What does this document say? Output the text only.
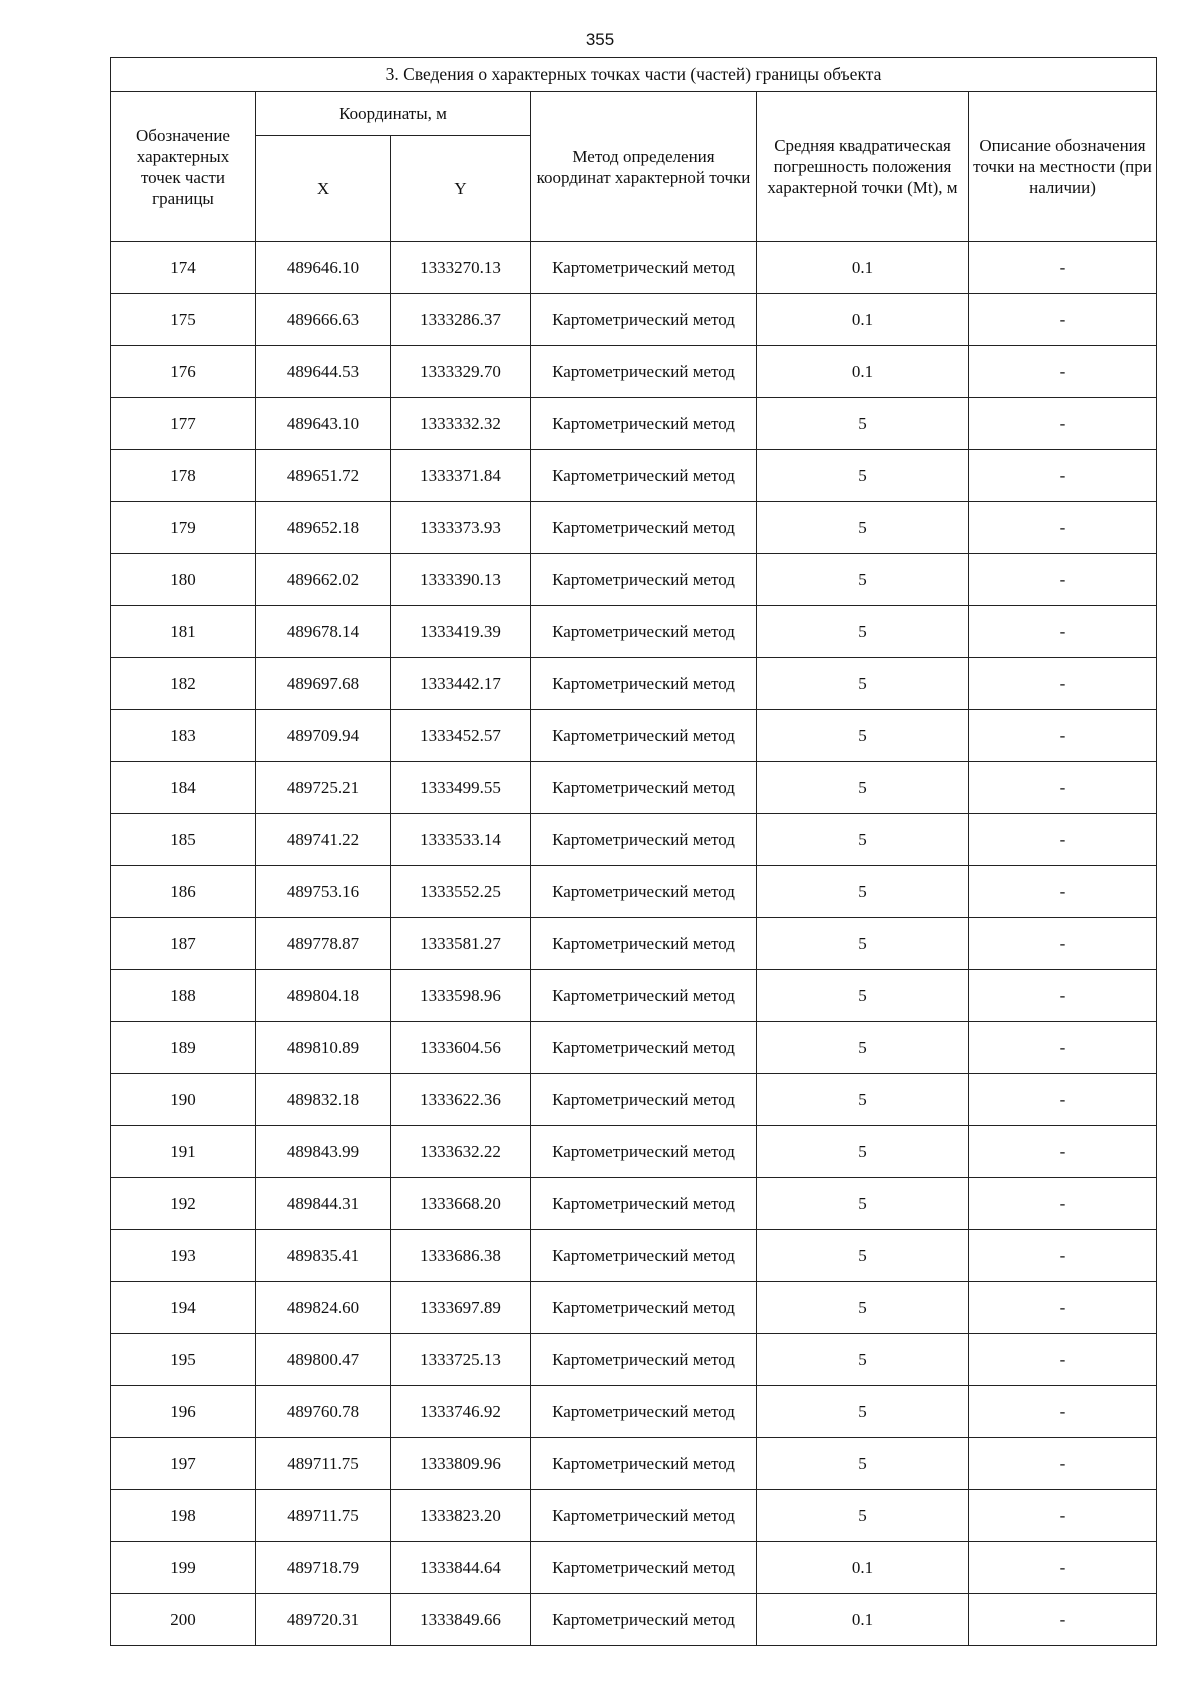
355
3. Сведения о характерных точках части (частей) границы объекта					
Обозначение характерных точек части границы	Координаты, м		Метод определения координат характерной точки	Средняя квадратическая погрешность положения характерной точки (Mt), м	Описание обозначения точки на местности (при наличии)
	X	Y			
174	489646.10	1333270.13	Картометрический метод	0.1	-
175	489666.63	1333286.37	Картометрический метод	0.1	-
176	489644.53	1333329.70	Картометрический метод	0.1	-
177	489643.10	1333332.32	Картометрический метод	5	-
178	489651.72	1333371.84	Картометрический метод	5	-
179	489652.18	1333373.93	Картометрический метод	5	-
180	489662.02	1333390.13	Картометрический метод	5	-
181	489678.14	1333419.39	Картометрический метод	5	-
182	489697.68	1333442.17	Картометрический метод	5	-
183	489709.94	1333452.57	Картометрический метод	5	-
184	489725.21	1333499.55	Картометрический метод	5	-
185	489741.22	1333533.14	Картометрический метод	5	-
186	489753.16	1333552.25	Картометрический метод	5	-
187	489778.87	1333581.27	Картометрический метод	5	-
188	489804.18	1333598.96	Картометрический метод	5	-
189	489810.89	1333604.56	Картометрический метод	5	-
190	489832.18	1333622.36	Картометрический метод	5	-
191	489843.99	1333632.22	Картометрический метод	5	-
192	489844.31	1333668.20	Картометрический метод	5	-
193	489835.41	1333686.38	Картометрический метод	5	-
194	489824.60	1333697.89	Картометрический метод	5	-
195	489800.47	1333725.13	Картометрический метод	5	-
196	489760.78	1333746.92	Картометрический метод	5	-
197	489711.75	1333809.96	Картометрический метод	5	-
198	489711.75	1333823.20	Картометрический метод	5	-
199	489718.79	1333844.64	Картометрический метод	0.1	-
200	489720.31	1333849.66	Картометрический метод	0.1	-
